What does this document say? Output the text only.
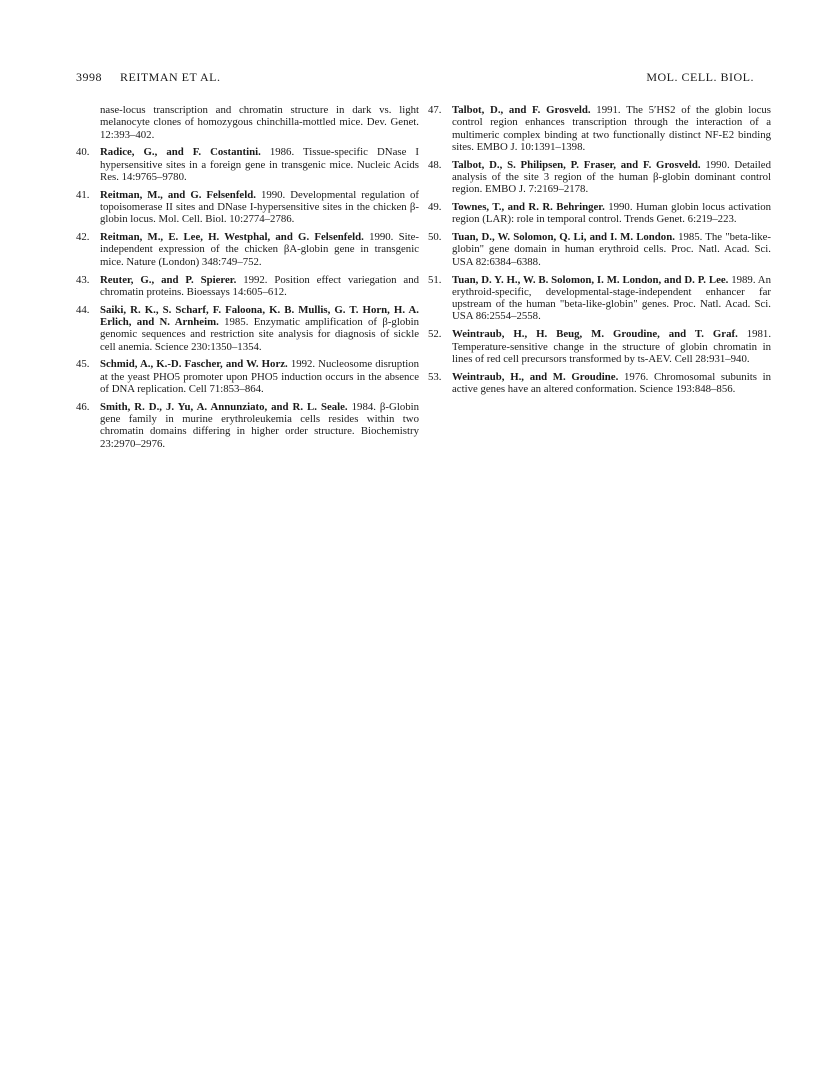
3998 REITMAN ET AL.	MOL. CELL. BIOL.

nase-locus transcription and chromatin structure in dark vs. light melanocyte clones of homozygous chinchilla-mottled mice. Dev. Genet. 12:393–402.

40. Radice, G., and F. Costantini. 1986. Tissue-specific DNase I hypersensitive sites in a foreign gene in transgenic mice. Nucleic Acids Res. 14:9765–9780.

41. Reitman, M., and G. Felsenfeld. 1990. Developmental regulation of topoisomerase II sites and DNase I-hypersensitive sites in the chicken β-globin locus. Mol. Cell. Biol. 10:2774–2786.

42. Reitman, M., E. Lee, H. Westphal, and G. Felsenfeld. 1990. Site-independent expression of the chicken βA-globin gene in transgenic mice. Nature (London) 348:749–752.

43. Reuter, G., and P. Spierer. 1992. Position effect variegation and chromatin proteins. Bioessays 14:605–612.

44. Saiki, R. K., S. Scharf, F. Faloona, K. B. Mullis, G. T. Horn, H. A. Erlich, and N. Arnheim. 1985. Enzymatic amplification of β-globin genomic sequences and restriction site analysis for diagnosis of sickle cell anemia. Science 230:1350–1354.

45. Schmid, A., K.-D. Fascher, and W. Horz. 1992. Nucleosome disruption at the yeast PHO5 promoter upon PHO5 induction occurs in the absence of DNA replication. Cell 71:853–864.

46. Smith, R. D., J. Yu, A. Annunziato, and R. L. Seale. 1984. β-Globin gene family in murine erythroleukemia cells resides within two chromatin domains differing in higher order structure. Biochemistry 23:2970–2976.

47. Talbot, D., and F. Grosveld. 1991. The 5′HS2 of the globin locus control region enhances transcription through the interaction of a multimeric complex binding at two functionally distinct NF-E2 binding sites. EMBO J. 10:1391–1398.

48. Talbot, D., S. Philipsen, P. Fraser, and F. Grosveld. 1990. Detailed analysis of the site 3 region of the human β-globin dominant control region. EMBO J. 7:2169–2178.

49. Townes, T., and R. R. Behringer. 1990. Human globin locus activation region (LAR): role in temporal control. Trends Genet. 6:219–223.

50. Tuan, D., W. Solomon, Q. Li, and I. M. London. 1985. The "beta-like-globin" gene domain in human erythroid cells. Proc. Natl. Acad. Sci. USA 82:6384–6388.

51. Tuan, D. Y. H., W. B. Solomon, I. M. London, and D. P. Lee. 1989. An erythroid-specific, developmental-stage-independent enhancer far upstream of the human "beta-like-globin" genes. Proc. Natl. Acad. Sci. USA 86:2554–2558.

52. Weintraub, H., H. Beug, M. Groudine, and T. Graf. 1981. Temperature-sensitive change in the structure of globin chromatin in lines of red cell precursors transformed by ts-AEV. Cell 28:931–940.

53. Weintraub, H., and M. Groudine. 1976. Chromosomal subunits in active genes have an altered conformation. Science 193:848–856.
